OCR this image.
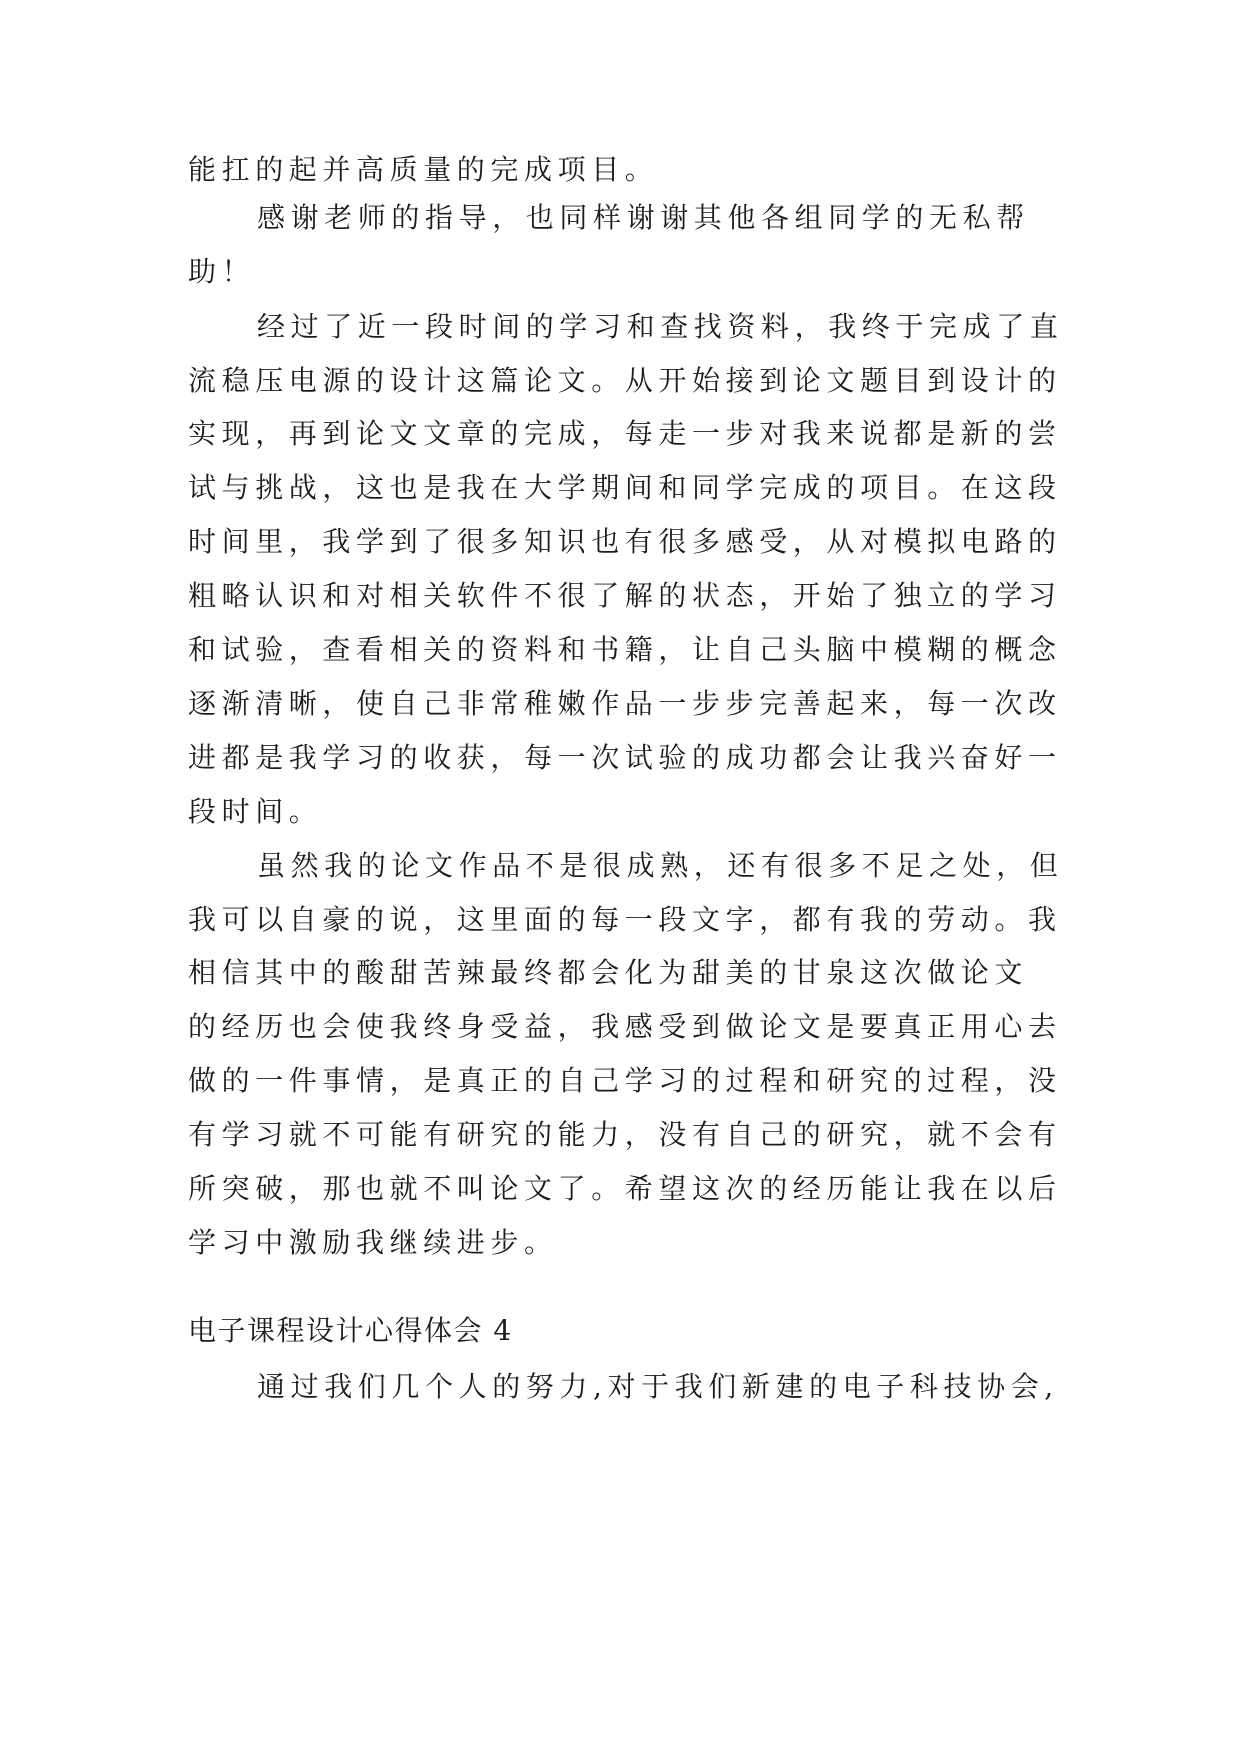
能扛的起并高质量的完成项目。
感谢老师的指导，也同样谢谢其他各组同学的无私帮
助！
经过了近一段时间的学习和查找资料，我终于完成了直
流稳压电源的设计这篇论文。从开始接到论文题目到设计的
实现，再到论文文章的完成，每走一步对我来说都是新的尝
试与挑战，这也是我在大学期间和同学完成的项目。在这段
时间里，我学到了很多知识也有很多感受，从对模拟电路的
粗略认识和对相关软件不很了解的状态，开始了独立的学习
和试验，查看相关的资料和书籍，让自己头脑中模糊的概念
逐渐清晰，使自己非常稚嫩作品一步步完善起来，每一次改
进都是我学习的收获，每一次试验的成功都会让我兴奋好一
段时间。
虽然我的论文作品不是很成熟，还有很多不足之处，但
我可以自豪的说，这里面的每一段文字，都有我的劳动。我
相信其中的酸甜苦辣最终都会化为甜美的甘泉这次做论文
的经历也会使我终身受益，我感受到做论文是要真正用心去
做的一件事情，是真正的自己学习的过程和研究的过程，没
有学习就不可能有研究的能力，没有自己的研究，就不会有
所突破，那也就不叫论文了。希望这次的经历能让我在以后
学习中激励我继续进步。
电子课程设计心得体会 4
通过我们几个人的努力,对于我们新建的电子科技协会,
